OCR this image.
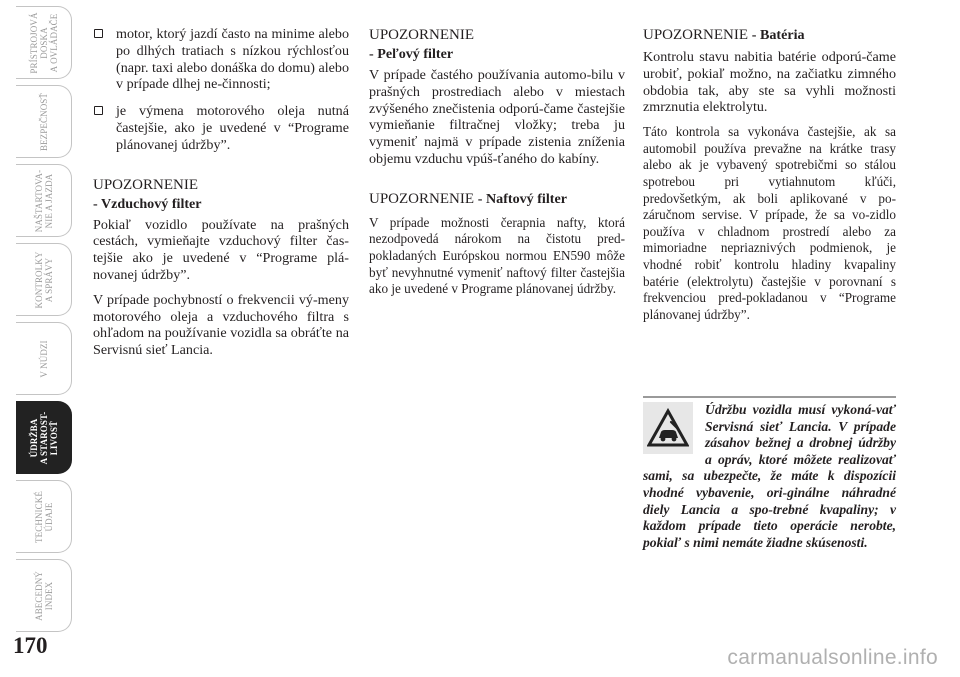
PRÍSTROJOVÁ
DOSKA
A OVLÁDAČE
BEZPEČNOSŤ
NAŠTARTOVA-
NIE A JAZDA
KONTROLKY
A SPRÁVY
V NÚDZI
ÚDRŽBA
A STAROST-
LIVOSŤ
TECHNICKÉ
ÚDAJE
ABECEDNÝ
INDEX
170

motor, ktorý jazdí často na minime alebo po dlhých tratiach s nízkou rýchlosťou (napr. taxi alebo donáška do domu) alebo v prípade dlhej ne-činnosti;

je výmena motorového oleja nutná častejšie, ako je uvedené v “Programe plánovanej údržby”.

UPOZORNENIE
- Vzduchový filter

Pokiaľ vozidlo používate na prašných cestách, vymieňajte vzduchový filter čas-tejšie ako je uvedené v “Programe plá-novanej údržby”.

V prípade pochybností o frekvencii vý-meny motorového oleja a vzduchového filtra s ohľadom na používanie vozidla sa obráťte na Servisnú sieť Lancia.

UPOZORNENIE
- Peľový filter

V prípade častého používania automo-bilu v prašných prostrediach alebo v miestach zvýšeného znečistenia odporú-čame častejšie vymieňanie filtračnej vložky; treba ju vymeniť najmä v prípade zistenia zníženia objemu vzduchu vpúš-ťaného do kabíny.

UPOZORNENIE - Naftový filter

V prípade možnosti čerapnia nafty, ktorá nezodpovedá nárokom na čistotu pred-pokladaných Európskou normou EN590 môže byť nevyhnutné vymeniť naftový filter častejšia ako je uvedené v Programe plánovanej údržby.

UPOZORNENIE - Batéria

Kontrolu stavu nabitia batérie odporú-čame urobiť, pokiaľ možno, na začiatku zimného obdobia tak, aby ste sa vyhli možnosti zmrznutia elektrolytu.

Táto kontrola sa vykonáva častejšie, ak sa automobil používa prevažne na krátke trasy alebo ak je vybavený spotrebičmi so stálou spotrebou pri vytiahnutom kľúči, predovšetkým, ak boli aplikované v po-záručnom servise. V prípade, že sa vo-zidlo používa v chladnom prostredí alebo za mimoriadne nepriaznivých podmienok, je vhodné robiť kontrolu hladiny kvapaliny batérie (elektrolytu) častejšie v porovnaní s frekvenciou pred-pokladanou v “Programe plánovanej údržby”.

Údržbu vozidla musí vykoná-vať Servisná sieť Lancia. V prípade zásahov bežnej a drobnej údržby a opráv, ktoré môžete realizovať sami, sa ubezpečte, že máte k dispozícii vhodné vybavenie, ori-ginálne náhradné diely Lancia a spo-trebné kvapaliny; v každom prípade tieto operácie nerobte, pokiaľ s nimi nemáte žiadne skúsenosti.

carmanualsonline.info
